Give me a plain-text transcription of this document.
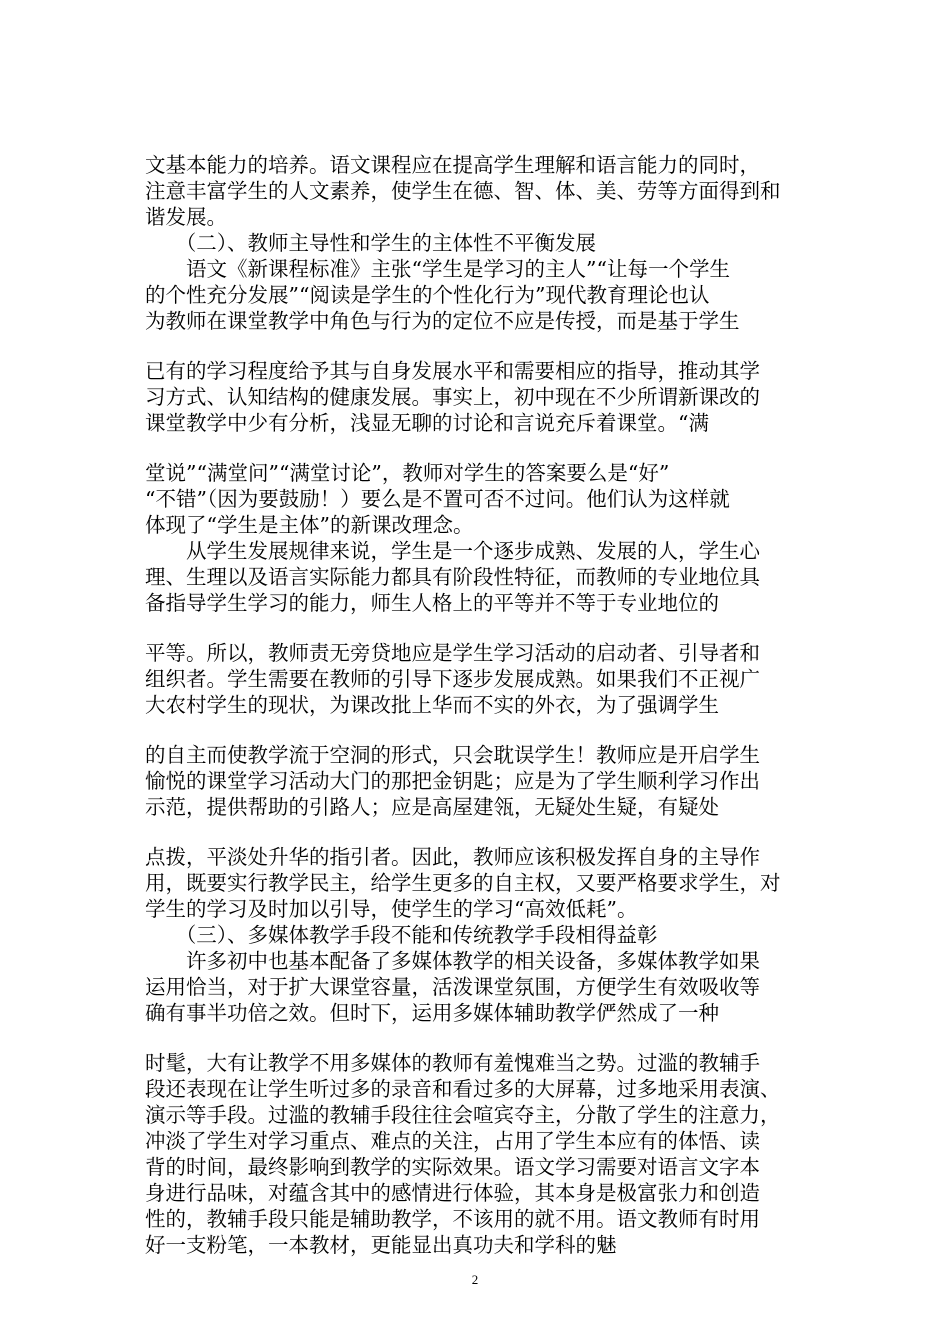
文基本能力的培养。语文课程应在提高学生理解和语言能力的同时，
注意丰富学生的人文素养，使学生在德、智、体、美、劳等方面得到和
谐发展。
　　（二）、教师主导性和学生的主体性不平衡发展
　　语文《新课程标准》主张“学生是学习的主人”“让每一个学生
的个性充分发展”“阅读是学生的个性化行为”现代教育理论也认
为教师在课堂教学中角色与行为的定位不应是传授，而是基于学生
已有的学习程度给予其与自身发展水平和需要相应的指导，推动其学
习方式、认知结构的健康发展。事实上，初中现在不少所谓新课改的
课堂教学中少有分析，浅显无聊的讨论和言说充斥着课堂。“满
堂说”“满堂问”“满堂讨论”，教师对学生的答案要么是“好”
“不错”（因为要鼓励！）要么是不置可否不过问。他们认为这样就
体现了“学生是主体”的新课改理念。
　　从学生发展规律来说，学生是一个逐步成熟、发展的人，学生心
理、生理以及语言实际能力都具有阶段性特征，而教师的专业地位具
备指导学生学习的能力，师生人格上的平等并不等于专业地位的
平等。所以，教师责无旁贷地应是学生学习活动的启动者、引导者和
组织者。学生需要在教师的引导下逐步发展成熟。如果我们不正视广
大农村学生的现状，为课改批上华而不实的外衣，为了强调学生
的自主而使教学流于空洞的形式，只会耽误学生！教师应是开启学生
愉悦的课堂学习活动大门的那把金钥匙；应是为了学生顺利学习作出
示范，提供帮助的引路人；应是高屋建瓴，无疑处生疑，有疑处
点拨，平淡处升华的指引者。因此，教师应该积极发挥自身的主导作
用，既要实行教学民主，给学生更多的自主权，又要严格要求学生，对
学生的学习及时加以引导，使学生的学习“高效低耗”。
　　（三）、多媒体教学手段不能和传统教学手段相得益彰
　　许多初中也基本配备了多媒体教学的相关设备，多媒体教学如果
运用恰当，对于扩大课堂容量，活泼课堂氛围，方便学生有效吸收等
确有事半功倍之效。但时下，运用多媒体辅助教学俨然成了一种
时髦，大有让教学不用多媒体的教师有羞愧难当之势。过滥的教辅手
段还表现在让学生听过多的录音和看过多的大屏幕，过多地采用表演、
演示等手段。过滥的教辅手段往往会喧宾夺主，分散了学生的注意力，
冲淡了学生对学习重点、难点的关注，占用了学生本应有的体悟、读
背的时间，最终影响到教学的实际效果。语文学习需要对语言文字本
身进行品味，对蕴含其中的感情进行体验，其本身是极富张力和创造
性的，教辅手段只能是辅助教学，不该用的就不用。语文教师有时用
好一支粉笔，一本教材，更能显出真功夫和学科的魅
2
